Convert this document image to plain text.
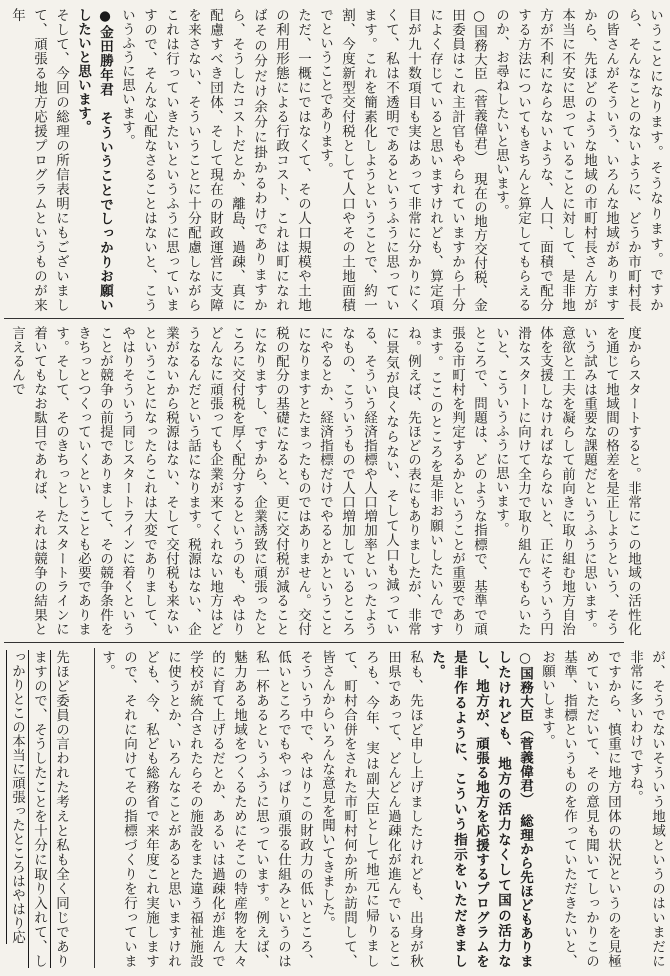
いうことになります。そうなります。ですから、そんなことのないように、どうか市町村長の皆さんがそういう、いろんな地域がありますから、先ほどのような地域の市町村長さん方が本当に不安に思っていることに対して、是非地方が不利にならないような、人口、面積で配分する方法についてもきちんと算定してもらえるのか、お尋ねしたいと思います。
○国務大臣（菅義偉君）　現在の地方交付税、金田委員はこれ主計官もやられていますから十分によく存じていると思いますけれども、算定項目が九十数項目も実はあって非常に分かりにくくて、私は不透明であるというふうに思っています。これを簡素化しようということで、約一割、今度新型交付税として人口やその土地面積でということであります。
ただ、一概にではなくて、その人口規模や土地の利用形態による行政コスト、これは町になればその分だけ余分に掛かるわけでありますから、そうしたコストだとか、離島、過疎、真に配慮すべき団体、そして現在の財政運営に支障を来さない、そういうことに十分配慮しながらこれは行っていきたいというふうに思っていますので、そんな心配なさることはないと、こういうふうに思います。
●金田勝年君　そういうことでしっかりお願いしたいと思います。
そして、今回の総理の所信表明にもございまして、頑張る地方応援プログラムというものが来年
度からスタートすると。非常にこの地域の活性化を通じて地域間の格差を是正しようという、そういう試みは重要な課題だというふうに思います。意欲と工夫を凝らして前向きに取り組む地方自治体を支援しなければならないと、正にそういう円滑なスタートに向けて全力で取り組んでもらいたいと、こういうふうに思います。
ところで、問題は、どのような指標で、基準で頑張る市町村を判定するかということが重要であります。ここのところを是非お願いしたいんですね。例えば、先ほどの表にもありましたが、非常に景気が良くならない、そして人口も減っている、そういう経済指標や人口増加率といったようなもの、こういうもので人口増加しているところにやるとか、経済指標だけでやるとかということになりますとたまったものではありません。交付税の配分の基礎になると、更に交付税が減ることになりますし、ですから、企業誘致に頑張ったところに交付税を厚く配分するというのも、やはりどんなに頑張っても企業が来てくれない地方はどうなるんだという話になります。税源はない、企業がないから税源はない、そして交付税も来ないということになったらこれは大変でありまして、やはりそういう同じスタートラインに着くということが競争の前提でありまして、その競争条件をきちっとつくっていくということも必要であります。そして、そのきちっとしたスタートラインに着いてもなお駄目であれば、それは競争の結果と言えるんで
が、そうでないそういう地域というのはいまだに非常に多いわけですね。
ですから、慎重に地方団体の状況というのを見極めていただいて、その意見も聞いてしっかりこの基準、指標というものを作っていただきたいと、お願いします。
○国務大臣（菅義偉君）　総理から先ほどもありましたけれども、地方の活力なくして国の活力なし、地方が、頑張る地方を応援するプログラムを是非作るように、こういう指示をいただきました。
私も、先ほど申し上げましたけれども、出身が秋田県であって、どんどん過疎化が進んでいるところも、今年、実は副大臣として地元に帰りまして、町村合併をされた市町村何か所か訪問して、皆さんからいろんな意見を聞いてきました。
そういう中で、やはりこの財政力の低いところ、低いところでもやっぱり頑張る仕組みというのは私一杯あるというふうに思っています。例えば、魅力ある地域をつくるためにそこの特産物を大々的に育て上げるだとか、あるいは過疎化が進んで学校が統合されたらその施設をまた違う福祉施設に使うとか、いろんなことがあると思いますけれども、今、私ども総務省で来年度これ実施しますので、それに向けてその指標づくりを行っています。
先ほど委員の言われた考えと私も全く同じでありますので、そうしたことを十分に取り入れて、しっかりとこの本当に頑張ったところはやはり応
